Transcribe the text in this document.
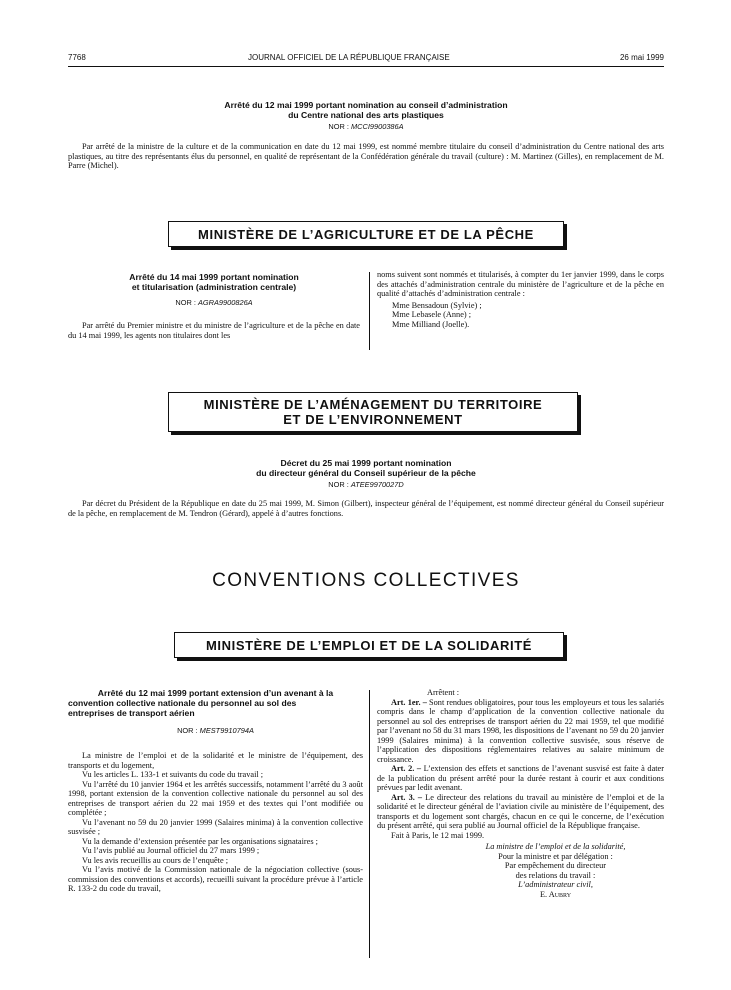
7768	JOURNAL OFFICIEL DE LA RÉPUBLIQUE FRANÇAISE	26 mai 1999
Arrêté du 12 mai 1999 portant nomination au conseil d’administration
du Centre national des arts plastiques
NOR : MCCI9900386A

Par arrêté de la ministre de la culture et de la communication en date du 12 mai 1999, est nommé membre titulaire du conseil d’administration du Centre national des arts plastiques, au titre des représentants élus du personnel, en qualité de représentant de la Confédération générale du travail (culture) : M. Martinez (Gilles), en remplacement de M. Parre (Michel).

MINISTÈRE DE L’AGRICULTURE ET DE LA PÊCHE
Arrêté du 14 mai 1999 portant nomination
et titularisation (administration centrale)
NOR : AGRA9900826A

Par arrêté du Premier ministre et du ministre de l’agriculture et de la pêche en date du 14 mai 1999, les agents non titulaires dont les

noms suivent sont nommés et titularisés, à compter du 1er janvier 1999, dans le corps des attachés d’administration centrale du ministère de l’agriculture et de la pêche en qualité d’attachés d’administration centrale :

Mme Bensadoun (Sylvie) ;
Mme Lebasele (Anne) ;
Mme Milliand (Joelle).
MINISTÈRE DE L’AMÉNAGEMENT DU TERRITOIRE
ET DE L’ENVIRONNEMENT
Décret du 25 mai 1999 portant nomination
du directeur général du Conseil supérieur de la pêche
NOR : ATEE9970027D

Par décret du Président de la République en date du 25 mai 1999, M. Simon (Gilbert), inspecteur général de l’équipement, est nommé directeur général du Conseil supérieur de la pêche, en remplacement de M. Tendron (Gérard), appelé à d’autres fonctions.

CONVENTIONS COLLECTIVES
MINISTÈRE DE L’EMPLOI ET DE LA SOLIDARITÉ
Arrêté du 12 mai 1999 portant extension d’un avenant à la
convention collective nationale du personnel au sol des
entreprises de transport aérien
NOR : MEST9910794A

La ministre de l’emploi et de la solidarité et le ministre de l’équipement, des transports et du logement,

Vu les articles L. 133-1 et suivants du code du travail ;

Vu l’arrêté du 10 janvier 1964 et les arrêtés successifs, notamment l’arrêté du 3 août 1998, portant extension de la convention collective nationale du personnel au sol des entreprises de transport aérien du 22 mai 1959 et des textes qui l’ont modifiée ou complétée ;

Vu l’avenant no 59 du 20 janvier 1999 (Salaires minima) à la convention collective susvisée ;

Vu la demande d’extension présentée par les organisations signataires ;

Vu l’avis publié au Journal officiel du 27 mars 1999 ;

Vu les avis recueillis au cours de l’enquête ;

Vu l’avis motivé de la Commission nationale de la négociation collective (sous-commission des conventions et accords), recueilli suivant la procédure prévue à l’article R. 133-2 du code du travail,

Arrêtent :

Art. 1er. – Sont rendues obligatoires, pour tous les employeurs et tous les salariés compris dans le champ d’application de la convention collective nationale du personnel au sol des entreprises de transport aérien du 22 mai 1959, tel que modifié par l’avenant no 58 du 31 mars 1998, les dispositions de l’avenant no 59 du 20 janvier 1999 (Salaires minima) à la convention collective susvisée, sous réserve de l’application des dispositions réglementaires relatives au salaire minimum de croissance.

Art. 2. – L’extension des effets et sanctions de l’avenant susvisé est faite à dater de la publication du présent arrêté pour la durée restant à courir et aux conditions prévues par ledit avenant.

Art. 3. – Le directeur des relations du travail au ministère de l’emploi et de la solidarité et le directeur général de l’aviation civile au ministère de l’équipement, des transports et du logement sont chargés, chacun en ce qui le concerne, de l’exécution du présent arrêté, qui sera publié au Journal officiel de la République française.

Fait à Paris, le 12 mai 1999.

La ministre de l’emploi et de la solidarité,
Pour la ministre et par délégation :
Par empêchement du directeur
des relations du travail :
L’administrateur civil,
E. Aubry
